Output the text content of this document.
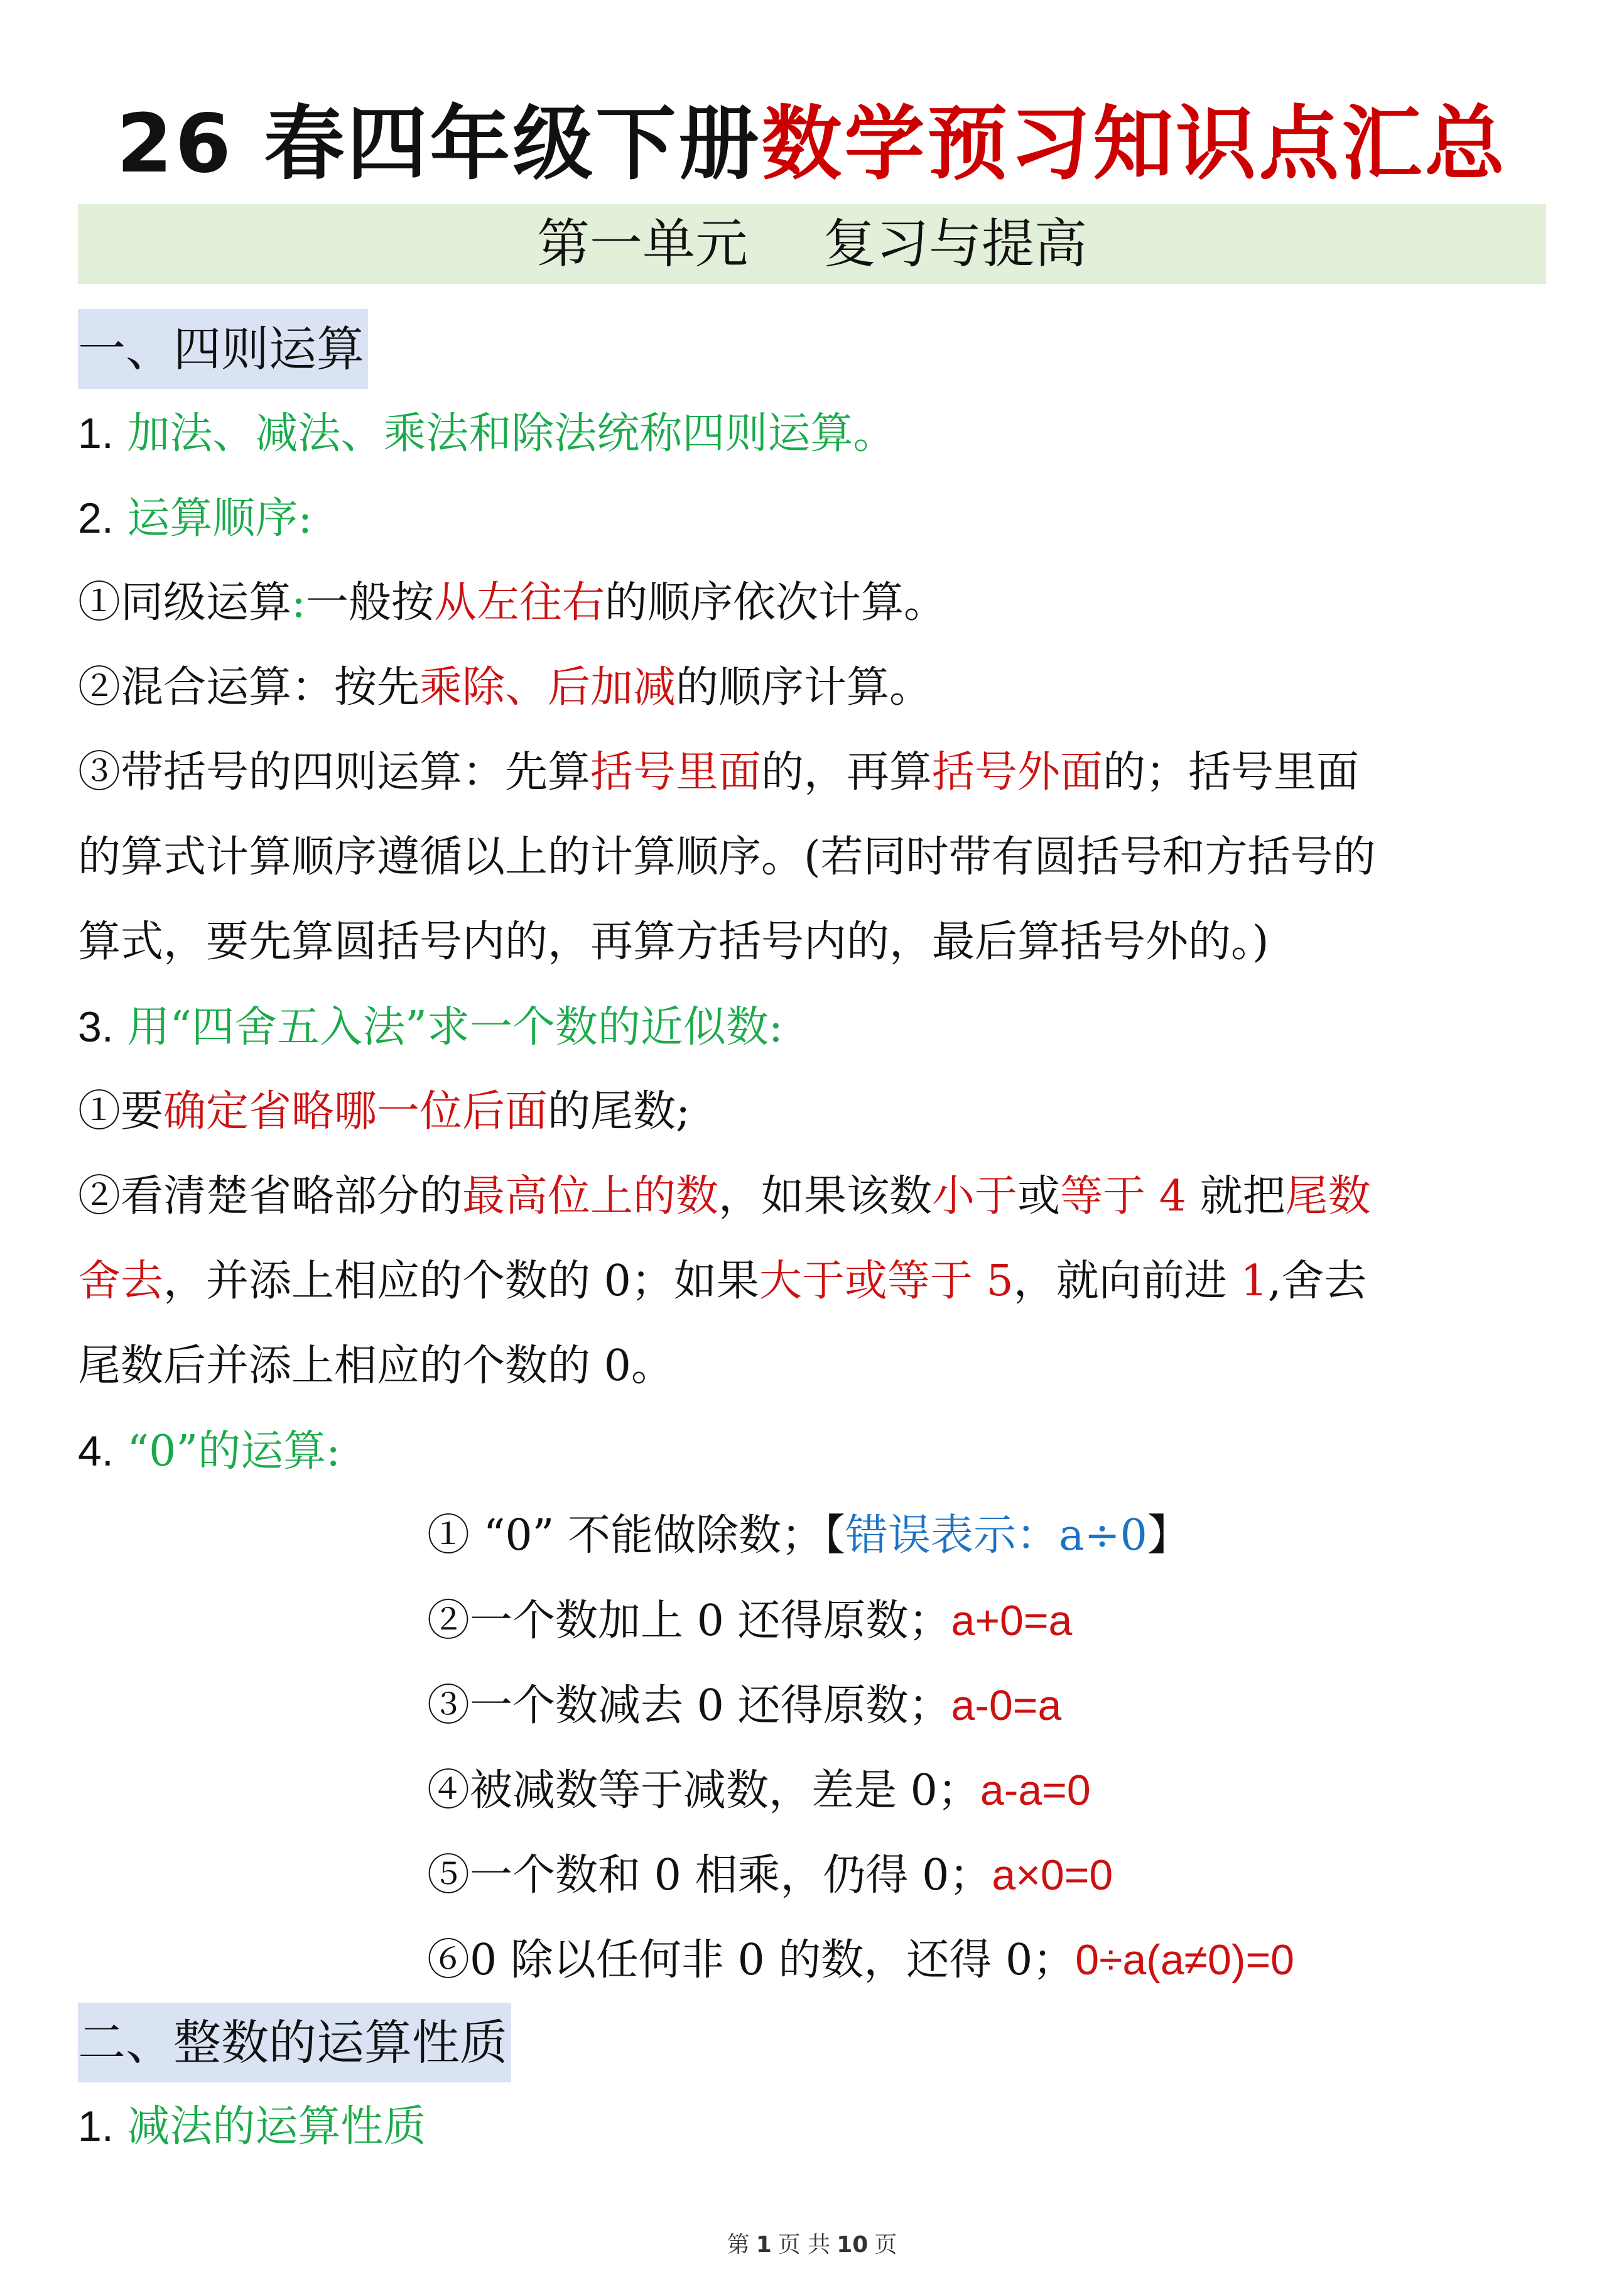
26 春四年级下册数学预习知识点汇总
第一单元 复习与提高
一、四则运算
1. 加法、减法、乘法和除法统称四则运算。
2. 运算顺序:
①同级运算:一般按从左往右的顺序依次计算。
②混合运算：按先乘除、后加减的顺序计算。
③带括号的四则运算：先算括号里面的，再算括号外面的；括号里面
的算式计算顺序遵循以上的计算顺序。(若同时带有圆括号和方括号的
算式，要先算圆括号内的，再算方括号内的，最后算括号外的。)
3. 用“四舍五入法”求一个数的近似数:
①要确定省略哪一位后面的尾数;
②看清楚省略部分的最高位上的数，如果该数小于或等于 4 就把尾数
舍去，并添上相应的个数的 0；如果大于或等于 5，就向前进 1,舍去
尾数后并添上相应的个数的 0。
4. “0”的运算:
① “0” 不能做除数；【错误表示：a÷0】
②一个数加上 0 还得原数；a+0=a
③一个数减去 0 还得原数；a-0=a
④被减数等于减数，差是 0；a-a=0
⑤一个数和 0 相乘，仍得 0；a×0=0
⑥0 除以任何非 0 的数，还得 0；0÷a(a≠0)=0
二、整数的运算性质
1. 减法的运算性质
第 1 页 共 10 页
